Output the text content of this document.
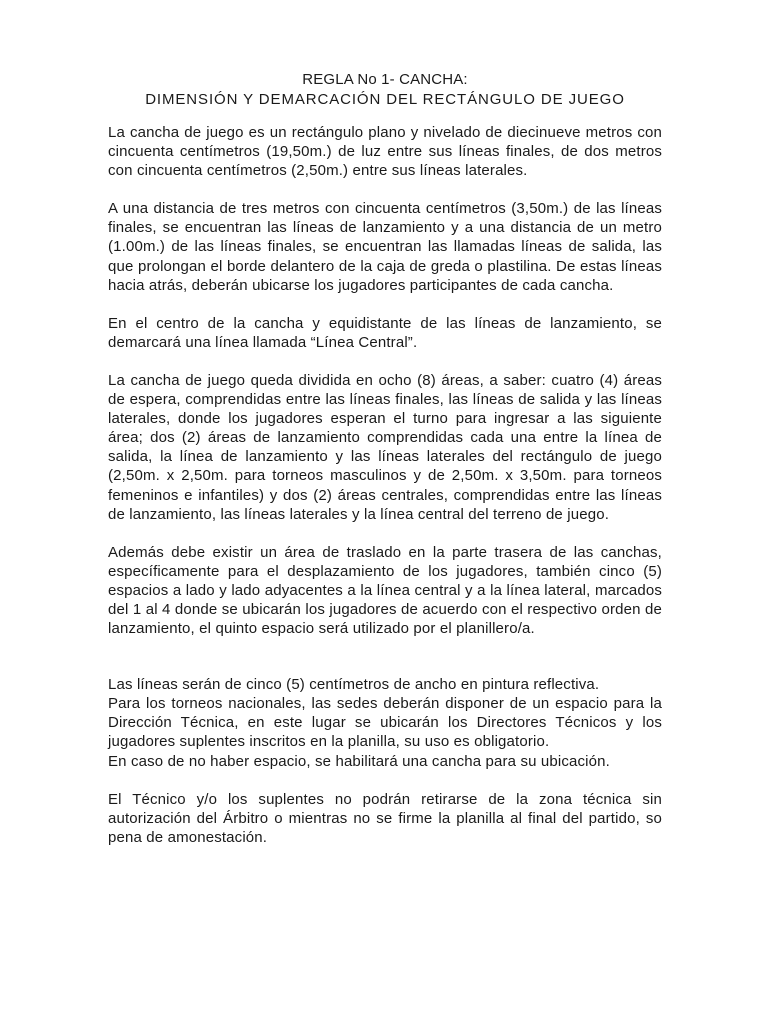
REGLA No 1- CANCHA:
DIMENSIÓN Y DEMARCACIÓN DEL RECTÁNGULO DE JUEGO

La cancha de juego es un rectángulo plano y nivelado de diecinueve metros con cincuenta centímetros (19,50m.) de luz entre sus líneas finales, de dos metros con cincuenta centímetros (2,50m.) entre sus líneas laterales.

A una distancia de tres metros con cincuenta centímetros (3,50m.) de las líneas finales, se encuentran las líneas de lanzamiento y a una distancia de un metro (1.00m.) de las líneas finales, se encuentran las llamadas líneas de salida, las que prolongan el borde delantero de la caja de greda o plastilina. De estas líneas hacia atrás, deberán ubicarse los jugadores participantes de cada cancha.

En el centro de la cancha y equidistante de las líneas de lanzamiento, se demarcará una línea llamada “Línea Central”.

La cancha de juego queda dividida en ocho (8) áreas, a saber: cuatro (4) áreas de espera, comprendidas entre las líneas finales, las líneas de salida y las líneas laterales, donde los jugadores esperan el turno para ingresar a las siguiente área; dos (2) áreas de lanzamiento comprendidas cada una entre la línea de salida, la línea de lanzamiento y las líneas laterales del rectángulo de juego (2,50m. x 2,50m. para torneos masculinos y de 2,50m. x 3,50m. para torneos femeninos e infantiles) y dos (2) áreas centrales, comprendidas entre las líneas de lanzamiento, las líneas laterales y la línea central del terreno de juego.

Además debe existir un área de traslado en la parte trasera de las canchas, específicamente para el desplazamiento de los jugadores, también cinco (5) espacios a lado y lado adyacentes a la línea central y a la línea lateral, marcados del 1 al 4 donde se ubicarán los jugadores de acuerdo con el respectivo orden de lanzamiento, el quinto espacio será utilizado por el planillero/a.

Las líneas serán de cinco (5) centímetros de ancho en pintura reflectiva.

Para los torneos nacionales, las sedes deberán disponer de un espacio para la Dirección Técnica, en este lugar se ubicarán los Directores Técnicos y los jugadores suplentes inscritos en la planilla, su uso es obligatorio.

En caso de no haber espacio, se habilitará una cancha para su ubicación.

El Técnico y/o los suplentes no podrán retirarse de la zona técnica sin autorización del Árbitro o mientras no se firme la planilla al final del partido, so pena de amonestación.
